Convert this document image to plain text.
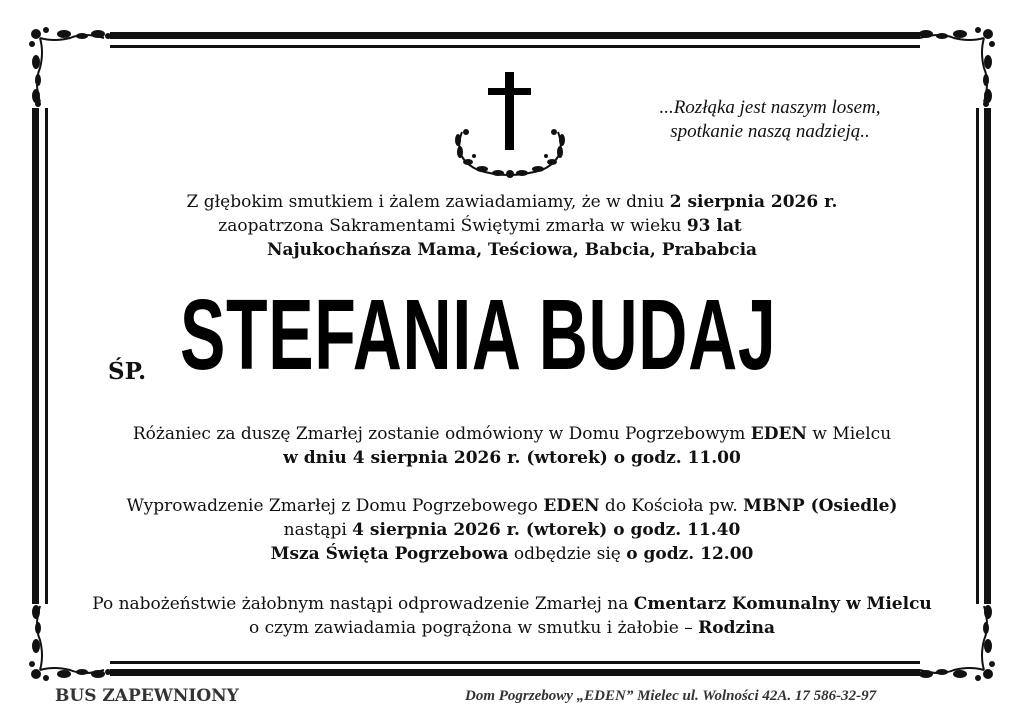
...Rozłąka jest naszym losem,
spotkanie naszą nadzieją..
Z głębokim smutkiem i żalem zawiadamiamy, że w dniu 2 sierpnia 2026 r.
zaopatrzona Sakramentami Świętymi zmarła w wieku 93 lat
Najukochańsza Mama, Teściowa, Babcia, Prababcia
ŚP. STEFANIA BUDAJ
Różaniec za duszę Zmarłej zostanie odmówiony w Domu Pogrzebowym EDEN w Mielcu
w dniu 4 sierpnia 2026 r. (wtorek) o godz. 11.00
Wyprowadzenie Zmarłej z Domu Pogrzebowego EDEN do Kościoła pw. MBNP (Osiedle)
nastąpi 4 sierpnia 2026 r. (wtorek) o godz. 11.40
Msza Święta Pogrzebowa odbędzie się o godz. 12.00
Po nabożeństwie żałobnym nastąpi odprowadzenie Zmarłej na Cmentarz Komunalny w Mielcu
o czym zawiadamia pogrążona w smutku i żałobie – Rodzina
BUS ZAPEWNIONY	Dom Pogrzebowy „EDEN” Mielec ul. Wolności 42A. 17 586-32-97
